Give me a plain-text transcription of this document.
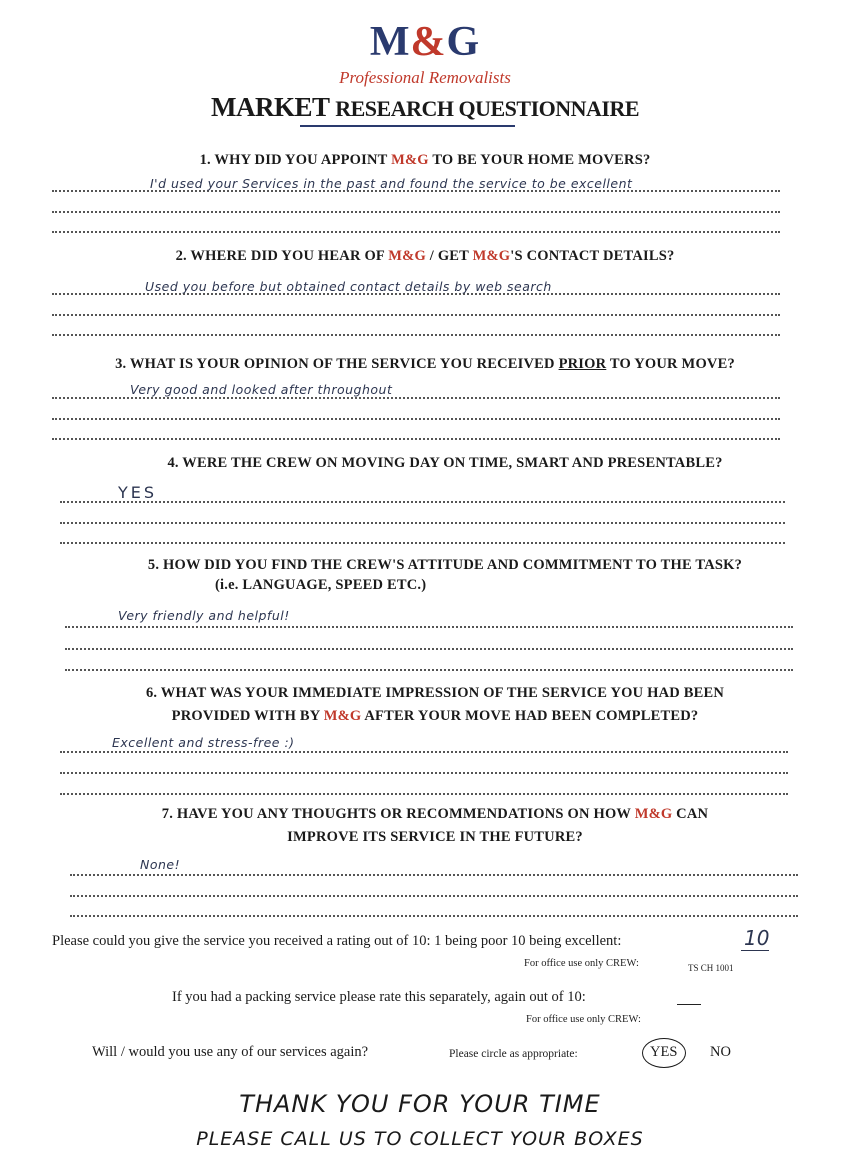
M&G
Professional Removalists
MARKET RESEARCH QUESTIONNAIRE
1. WHY DID YOU APPOINT M&G TO BE YOUR HOME MOVERS?
I'd used your Services in the past and found the service to be excellent
2. WHERE DID YOU HEAR OF M&G / GET M&G'S CONTACT DETAILS?
Used you before but obtained contact details by web search
3. WHAT IS YOUR OPINION OF THE SERVICE YOU RECEIVED PRIOR TO YOUR MOVE?
Very good and looked after throughout
4. WERE THE CREW ON MOVING DAY ON TIME, SMART AND PRESENTABLE?
YES
5. HOW DID YOU FIND THE CREW'S ATTITUDE AND COMMITMENT TO THE TASK?
(i.e. LANGUAGE, SPEED ETC.)
Very friendly and helpful!
6. WHAT WAS YOUR IMMEDIATE IMPRESSION OF THE SERVICE YOU HAD BEEN
PROVIDED WITH BY M&G AFTER YOUR MOVE HAD BEEN COMPLETED?
Excellent and stress-free :)
7. HAVE YOU ANY THOUGHTS OR RECOMMENDATIONS ON HOW M&G CAN
IMPROVE ITS SERVICE IN THE FUTURE?
None!
Please could you give the service you received a rating out of 10: 1 being poor 10 being excellent:	10
For office use only CREW:	TS CH 1001
If you had a packing service please rate this separately, again out of 10:
For office use only CREW:
Will / would you use any of our services again?	Please circle as appropriate:	YES NO
THANK YOU FOR YOUR TIME
PLEASE CALL US TO COLLECT YOUR BOXES
